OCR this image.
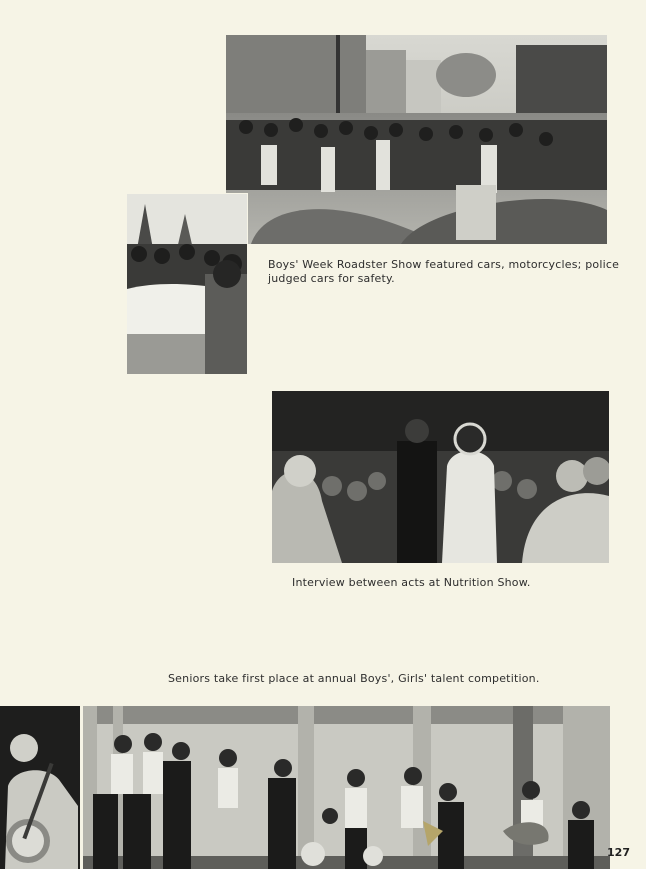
Boys' Week Roadster Show featured cars, motorcycles; police judged cars for safety.
Interview between acts at Nutrition Show.
Seniors take first place at annual Boys', Girls' talent competition.
127
